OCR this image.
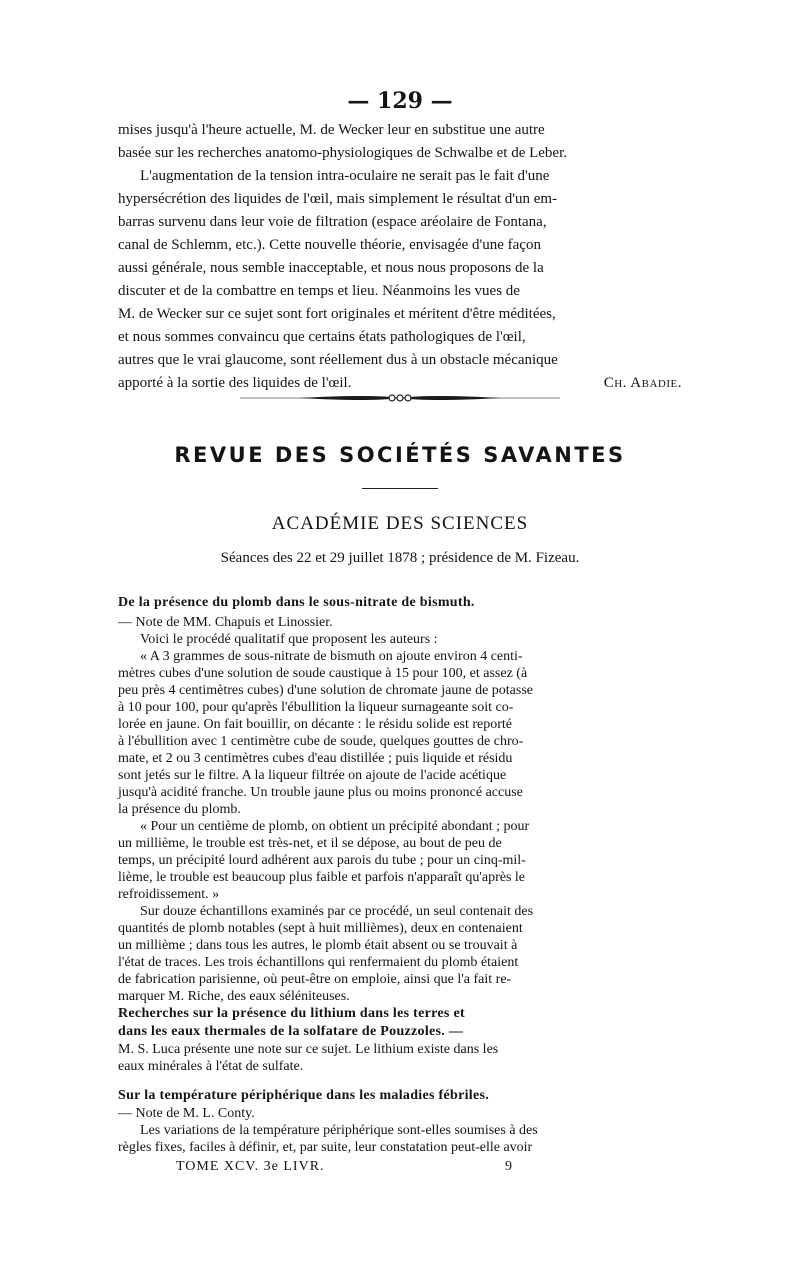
— 129 —
mises jusqu'à l'heure actuelle, M. de Wecker leur en substitue une autre
basée sur les recherches anatomo-physiologiques de Schwalbe et de Leber.
L'augmentation de la tension intra-oculaire ne serait pas le fait d'une
hypersécrétion des liquides de l'œil, mais simplement le résultat d'un em-
barras survenu dans leur voie de filtration (espace aréolaire de Fontana,
canal de Schlemm, etc.). Cette nouvelle théorie, envisagée d'une façon
aussi générale, nous semble inacceptable, et nous nous proposons de la
discuter et de la combattre en temps et lieu. Néanmoins les vues de
M. de Wecker sur ce sujet sont fort originales et méritent d'être méditées,
et nous sommes convaincu que certains états pathologiques de l'œil,
autres que le vrai glaucome, sont réellement dus à un obstacle mécanique
apporté à la sortie des liquides de l'œil.	Ch. Abadie.
REVUE DES SOCIÉTÉS SAVANTES
ACADÉMIE DES SCIENCES
Séances des 22 et 29 juillet 1878 ; présidence de M. Fizeau.
De la présence du plomb dans le sous-nitrate de bismuth.
— Note de MM. Chapuis et Linossier.
Voici le procédé qualitatif que proposent les auteurs :
« A 3 grammes de sous-nitrate de bismuth on ajoute environ 4 centi-
mètres cubes d'une solution de soude caustique à 15 pour 100, et assez (à
peu près 4 centimètres cubes) d'une solution de chromate jaune de potasse
à 10 pour 100, pour qu'après l'ébullition la liqueur surnageante soit co-
lorée en jaune. On fait bouillir, on décante : le résidu solide est reporté
à l'ébullition avec 1 centimètre cube de soude, quelques gouttes de chro-
mate, et 2 ou 3 centimètres cubes d'eau distillée ; puis liquide et résidu
sont jetés sur le filtre. A la liqueur filtrée on ajoute de l'acide acétique
jusqu'à acidité franche. Un trouble jaune plus ou moins prononcé accuse
la présence du plomb.
« Pour un centième de plomb, on obtient un précipité abondant ; pour
un millième, le trouble est très-net, et il se dépose, au bout de peu de
temps, un précipité lourd adhérent aux parois du tube ; pour un cinq-mil-
lième, le trouble est beaucoup plus faible et parfois n'apparaît qu'après le
refroidissement. »
Sur douze échantillons examinés par ce procédé, un seul contenait des
quantités de plomb notables (sept à huit millièmes), deux en contenaient
un millième ; dans tous les autres, le plomb était absent ou se trouvait à
l'état de traces. Les trois échantillons qui renfermaient du plomb étaient
de fabrication parisienne, où peut-être on emploie, ainsi que l'a fait re-
marquer M. Riche, des eaux séléniteuses.
Recherches sur la présence du lithium dans les terres et
dans les eaux thermales de la solfatare de Pouzzoles. —
M. S. Luca présente une note sur ce sujet. Le lithium existe dans les
eaux minérales à l'état de sulfate.
Sur la température périphérique dans les maladies fébriles.
— Note de M. L. Conty.
Les variations de la température périphérique sont-elles soumises à des
règles fixes, faciles à définir, et, par suite, leur constatation peut-elle avoir
TOME XCV. 3e LIVR.	9
